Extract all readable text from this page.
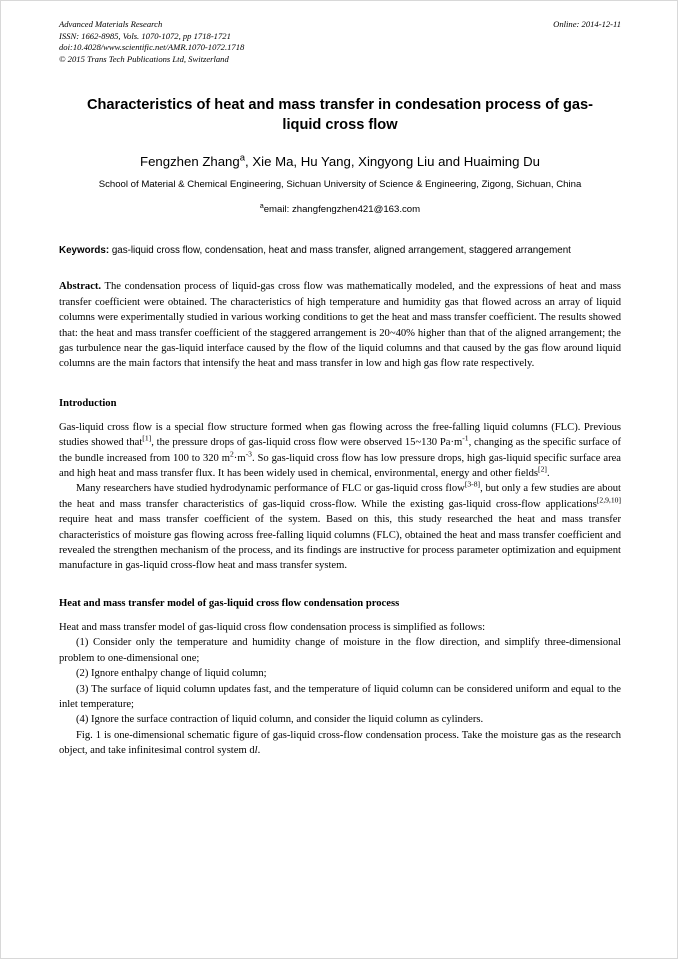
Advanced Materials Research
ISSN: 1662-8985, Vols. 1070-1072, pp 1718-1721
doi:10.4028/www.scientific.net/AMR.1070-1072.1718
© 2015 Trans Tech Publications Ltd, Switzerland
Online: 2014-12-11
Characteristics of heat and mass transfer in condesation process of gas-liquid cross flow
Fengzhen Zhang$^a$, Xie Ma, Hu Yang, Xingyong Liu and Huaiming Du
School of Material & Chemical Engineering, Sichuan University of Science & Engineering, Zigong, Sichuan, China
$^a$email: zhangfengzhen421@163.com
Keywords: gas-liquid cross flow, condensation, heat and mass transfer, aligned arrangement, staggered arrangement
Abstract. The condensation process of liquid-gas cross flow was mathematically modeled, and the expressions of heat and mass transfer coefficient were obtained. The characteristics of high temperature and humidity gas that flowed across an array of liquid columns were experimentally studied in various working conditions to get the heat and mass transfer coefficient. The results showed that: the heat and mass transfer coefficient of the staggered arrangement is 20~40% higher than that of the aligned arrangement; the gas turbulence near the gas-liquid interface caused by the flow of the liquid columns and that caused by the gas flow around liquid columns are the main factors that intensify the heat and mass transfer in low and high gas flow rate respectively.
Introduction

Gas-liquid cross flow is a special flow structure formed when gas flowing across the free-falling liquid columns (FLC). Previous studies showed that[1], the pressure drops of gas-liquid cross flow were observed 15~130 $Pa\cdot m^{-1}$, changing as the specific surface of the bundle increased from 100 to 320 $m^2\cdot m^{-3}$. So gas-liquid cross flow has low pressure drops, high gas-liquid specific surface area and high heat and mass transfer flux. It has been widely used in chemical, environmental, energy and other fields[2].

Many researchers have studied hydrodynamic performance of FLC or gas-liquid cross flow[3-8], but only a few studies are about the heat and mass transfer characteristics of gas-liquid cross-flow. While the existing gas-liquid cross-flow applications[2,9,10] require heat and mass transfer coefficient of the system. Based on this, this study researched the heat and mass transfer characteristics of moisture gas flowing across free-falling liquid columns (FLC), obtained the heat and mass transfer coefficient and revealed the strengthen mechanism of the process, and its findings are instructive for process parameter optimization and equipment manufacture in gas-liquid cross-flow heat and mass transfer system.

Heat and mass transfer model of gas-liquid cross flow condensation process

Heat and mass transfer model of gas-liquid cross flow condensation process is simplified as follows:

(1) Consider only the temperature and humidity change of moisture in the flow direction, and simplify three-dimensional problem to one-dimensional one;

(2) Ignore enthalpy change of liquid column;

(3) The surface of liquid column updates fast, and the temperature of liquid column can be considered uniform and equal to the inlet temperature;

(4) Ignore the surface contraction of liquid column, and consider the liquid column as cylinders.

Fig. 1 is one-dimensional schematic figure of gas-liquid cross-flow condensation process. Take the moisture gas as the research object, and take infinitesimal control system dl.
